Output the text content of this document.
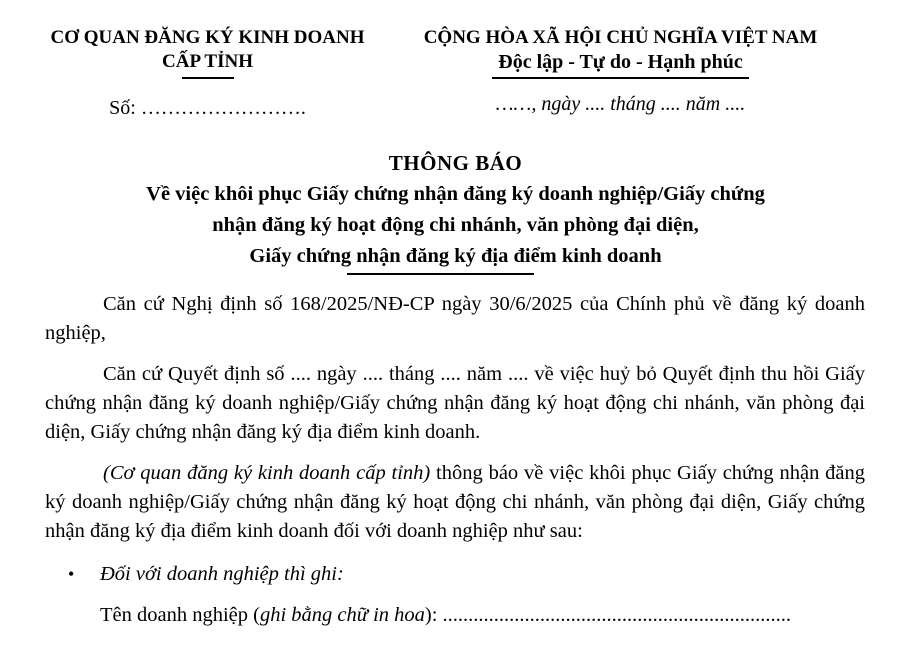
CƠ QUAN ĐĂNG KÝ KINH DOANH
CẤP TỈNH
Số: …………………….
CỘNG HÒA XÃ HỘI CHỦ NGHĨA VIỆT NAM
Độc lập - Tự do - Hạnh phúc
……, ngày .... tháng .... năm ....
THÔNG BÁO
Về việc khôi phục Giấy chứng nhận đăng ký doanh nghiệp/Giấy chứng
nhận đăng ký hoạt động chi nhánh, văn phòng đại diện,
Giấy chứng nhận đăng ký địa điểm kinh doanh

Căn cứ Nghị định số 168/2025/NĐ-CP ngày 30/6/2025 của Chính phủ về đăng ký doanh nghiệp,

Căn cứ Quyết định số .... ngày .... tháng .... năm .... về việc huỷ bỏ Quyết định thu hồi Giấy chứng nhận đăng ký doanh nghiệp/Giấy chứng nhận đăng ký hoạt động chi nhánh, văn phòng đại diện, Giấy chứng nhận đăng ký địa điểm kinh doanh.

(Cơ quan đăng ký kinh doanh cấp tỉnh) thông báo về việc khôi phục Giấy chứng nhận đăng ký doanh nghiệp/Giấy chứng nhận đăng ký hoạt động chi nhánh, văn phòng đại diện, Giấy chứng nhận đăng ký địa điểm kinh doanh đối với doanh nghiệp như sau:

•	Đối với doanh nghiệp thì ghi:

Tên doanh nghiệp (ghi bằng chữ in hoa): ....................................................................
